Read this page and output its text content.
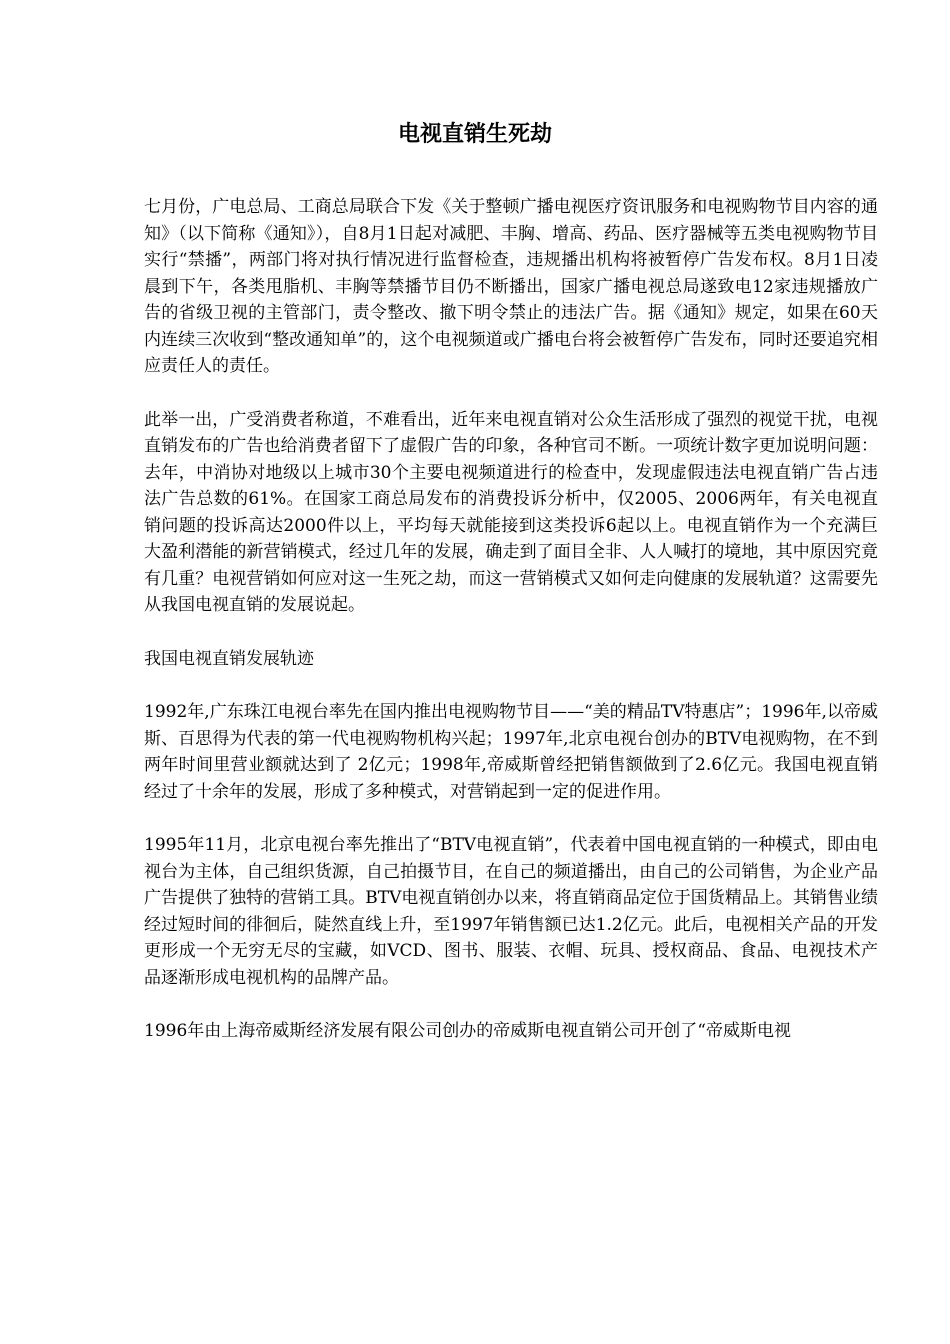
电视直销生死劫

七月份，广电总局、工商总局联合下发《关于整顿广播电视医疗资讯服务和电视购物节目内容的通知》（以下简称《通知》），自8月1日起对减肥、丰胸、增高、药品、医疗器械等五类电视购物节目实行“禁播”，两部门将对执行情况进行监督检查，违规播出机构将被暂停广告发布权。8月1日凌晨到下午，各类甩脂机、丰胸等禁播节目仍不断播出，国家广播电视总局遂致电12家违规播放广告的省级卫视的主管部门，责令整改、撤下明令禁止的违法广告。据《通知》规定，如果在60天内连续三次收到“整改通知单”的，这个电视频道或广播电台将会被暂停广告发布，同时还要追究相应责任人的责任。

此举一出，广受消费者称道，不难看出，近年来电视直销对公众生活形成了强烈的视觉干扰，电视直销发布的广告也给消费者留下了虚假广告的印象，各种官司不断。一项统计数字更加说明问题：去年，中消协对地级以上城市30个主要电视频道进行的检查中，发现虚假违法电视直销广告占违法广告总数的61%。在国家工商总局发布的消费投诉分析中，仅2005、2006两年，有关电视直销问题的投诉高达2000件以上，平均每天就能接到这类投诉6起以上。电视直销作为一个充满巨大盈利潜能的新营销模式，经过几年的发展，确走到了面目全非、人人喊打的境地，其中原因究竟有几重？电视营销如何应对这一生死之劫，而这一营销模式又如何走向健康的发展轨道？这需要先从我国电视直销的发展说起。

我国电视直销发展轨迹

1992年,广东珠江电视台率先在国内推出电视购物节目——“美的精品TV特惠店”；1996年,以帝威斯、百思得为代表的第一代电视购物机构兴起；1997年,北京电视台创办的BTV电视购物，在不到两年时间里营业额就达到了 2亿元；1998年,帝威斯曾经把销售额做到了2.6亿元。我国电视直销经过了十余年的发展，形成了多种模式，对营销起到一定的促进作用。

1995年11月，北京电视台率先推出了“BTV电视直销”，代表着中国电视直销的一种模式，即由电视台为主体，自己组织货源，自己拍摄节目，在自己的频道播出，由自己的公司销售，为企业产品广告提供了独特的营销工具。BTV电视直销创办以来，将直销商品定位于国货精品上。其销售业绩经过短时间的徘徊后，陡然直线上升，至1997年销售额已达1.2亿元。此后，电视相关产品的开发更形成一个无穷无尽的宝藏，如VCD、图书、服装、衣帽、玩具、授权商品、食品、电视技术产品逐渐形成电视机构的品牌产品。

1996年由上海帝威斯经济发展有限公司创办的帝威斯电视直销公司开创了“帝威斯电视
